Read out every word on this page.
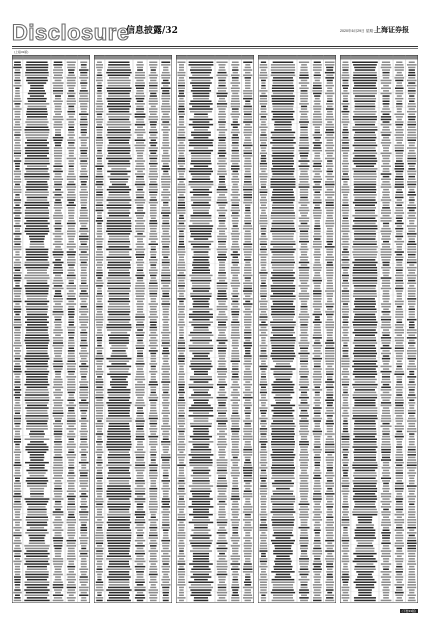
Disclosure
信息披露/32	2020年6月29日 星期一
上海证券报
(上接31版)
(下转33版)
